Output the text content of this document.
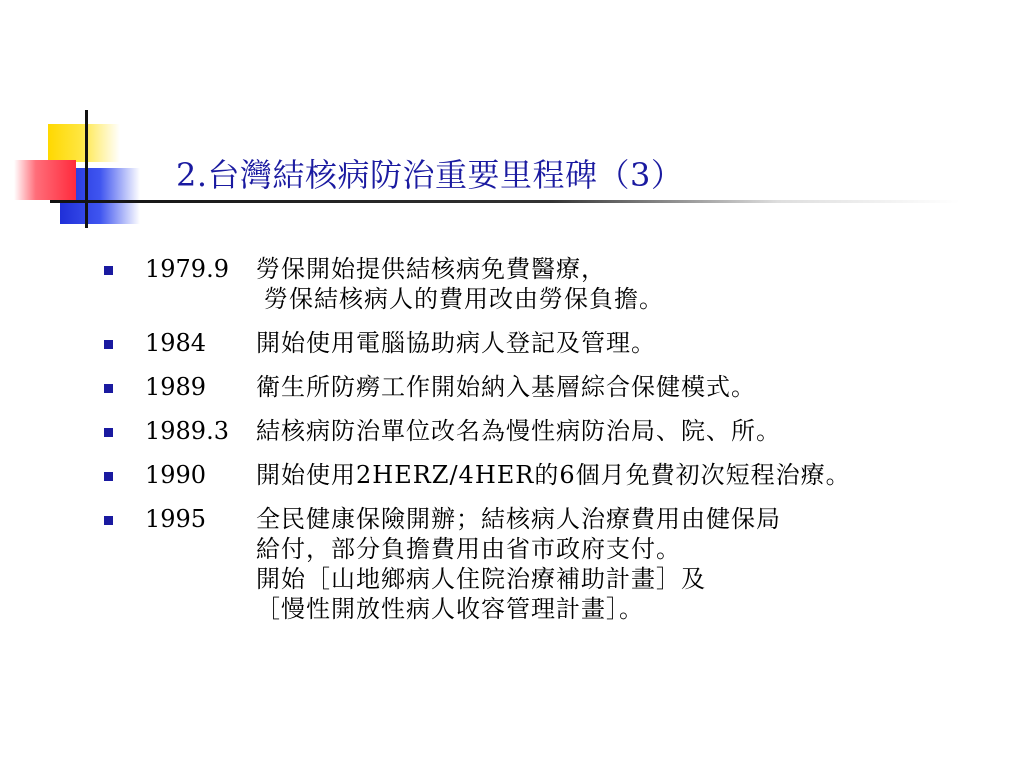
2.台灣結核病防治重要里程碑（3）
1979.9 勞保開始提供結核病免費醫療，
勞保結核病人的費用改由勞保負擔。
1984 開始使用電腦協助病人登記及管理。
1989 衛生所防癆工作開始納入基層綜合保健模式。
1989.3 結核病防治單位改名為慢性病防治局、院、所。
1990 開始使用2HERZ/4HER的6個月免費初次短程治療。
1995 全民健康保險開辦；結核病人治療費用由健保局
給付，部分負擔費用由省市政府支付。
開始［山地鄉病人住院治療補助計畫］及
［慢性開放性病人收容管理計畫］。
